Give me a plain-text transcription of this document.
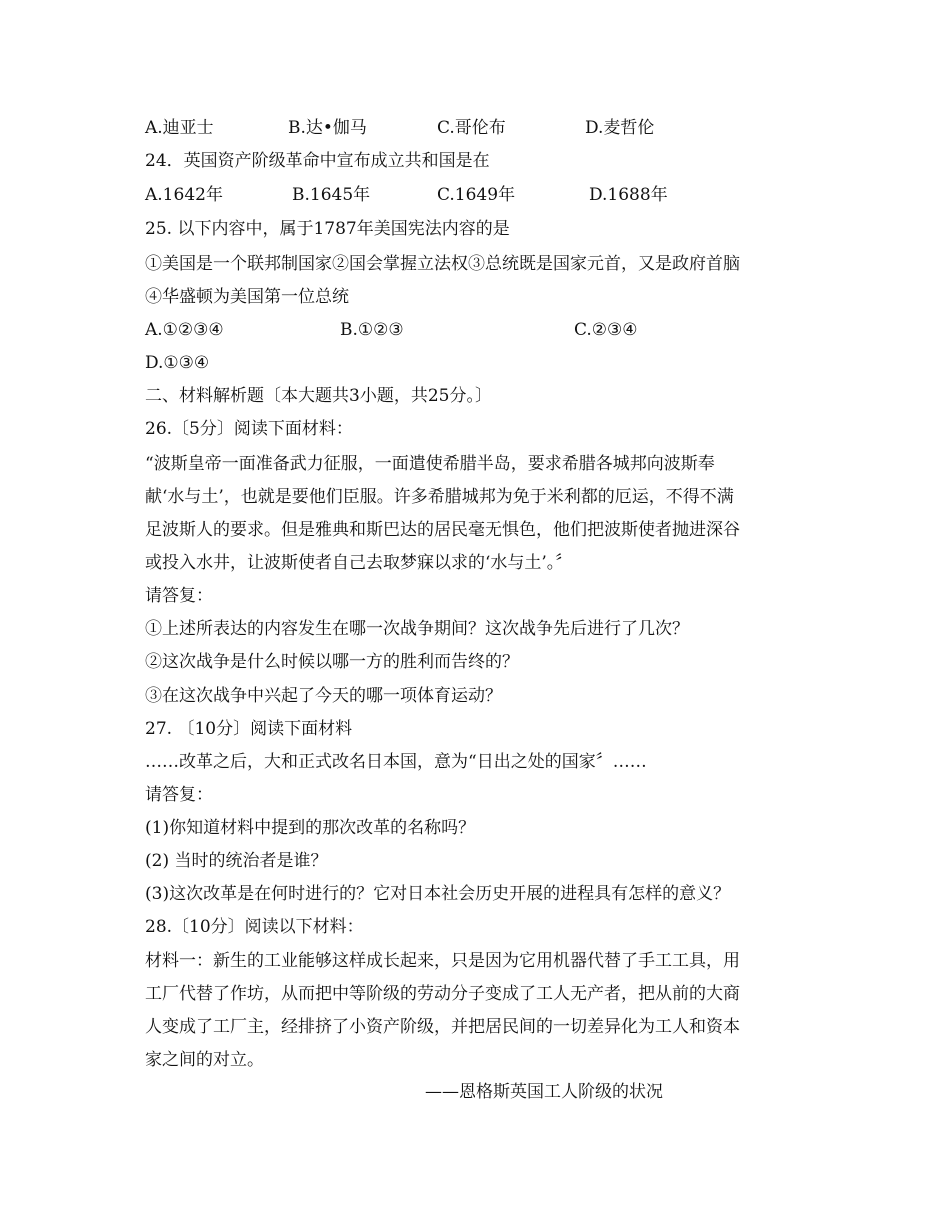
A.迪亚士	B.达•伽马	C.哥伦布	D.麦哲伦
24．英国资产阶级革命中宣布成立共和国是在
A.1642年	B.1645年	C.1649年	D.1688年
25. 以下内容中，属于1787年美国宪法内容的是
①美国是一个联邦制国家②国会掌握立法权③总统既是国家元首，又是政府首脑
④华盛顿为美国第一位总统
A.①②③④	B.①②③	C.②③④
D.①③④
二、材料解析题〔本大题共3小题，共25分。〕
26.〔5分〕阅读下面材料：
“波斯皇帝一面准备武力征服，一面遣使希腊半岛，要求希腊各城邦向波斯奉
献‘水与土’，也就是要他们臣服。许多希腊城邦为免于米利都的厄运，不得不满
足波斯人的要求。但是雅典和斯巴达的居民毫无惧色，他们把波斯使者抛进深谷
或投入水井，让波斯使者自己去取梦寐以求的‘水与土’。〞
请答复：
①上述所表达的内容发生在哪一次战争期间？这次战争先后进行了几次？
②这次战争是什么时候以哪一方的胜利而告终的？
③在这次战争中兴起了今天的哪一项体育运动？
27. 〔10分〕阅读下面材料
……改革之后，大和正式改名日本国，意为“日出之处的国家〞……
请答复：
(1)你知道材料中提到的那次改革的名称吗？
(2) 当时的统治者是谁？
(3)这次改革是在何时进行的？它对日本社会历史开展的进程具有怎样的意义？
28.〔10分〕阅读以下材料：
材料一：新生的工业能够这样成长起来，只是因为它用机器代替了手工工具，用
工厂代替了作坊，从而把中等阶级的劳动分子变成了工人无产者，把从前的大商
人变成了工厂主，经排挤了小资产阶级，并把居民间的一切差异化为工人和资本
家之间的对立。
——恩格斯英国工人阶级的状况
